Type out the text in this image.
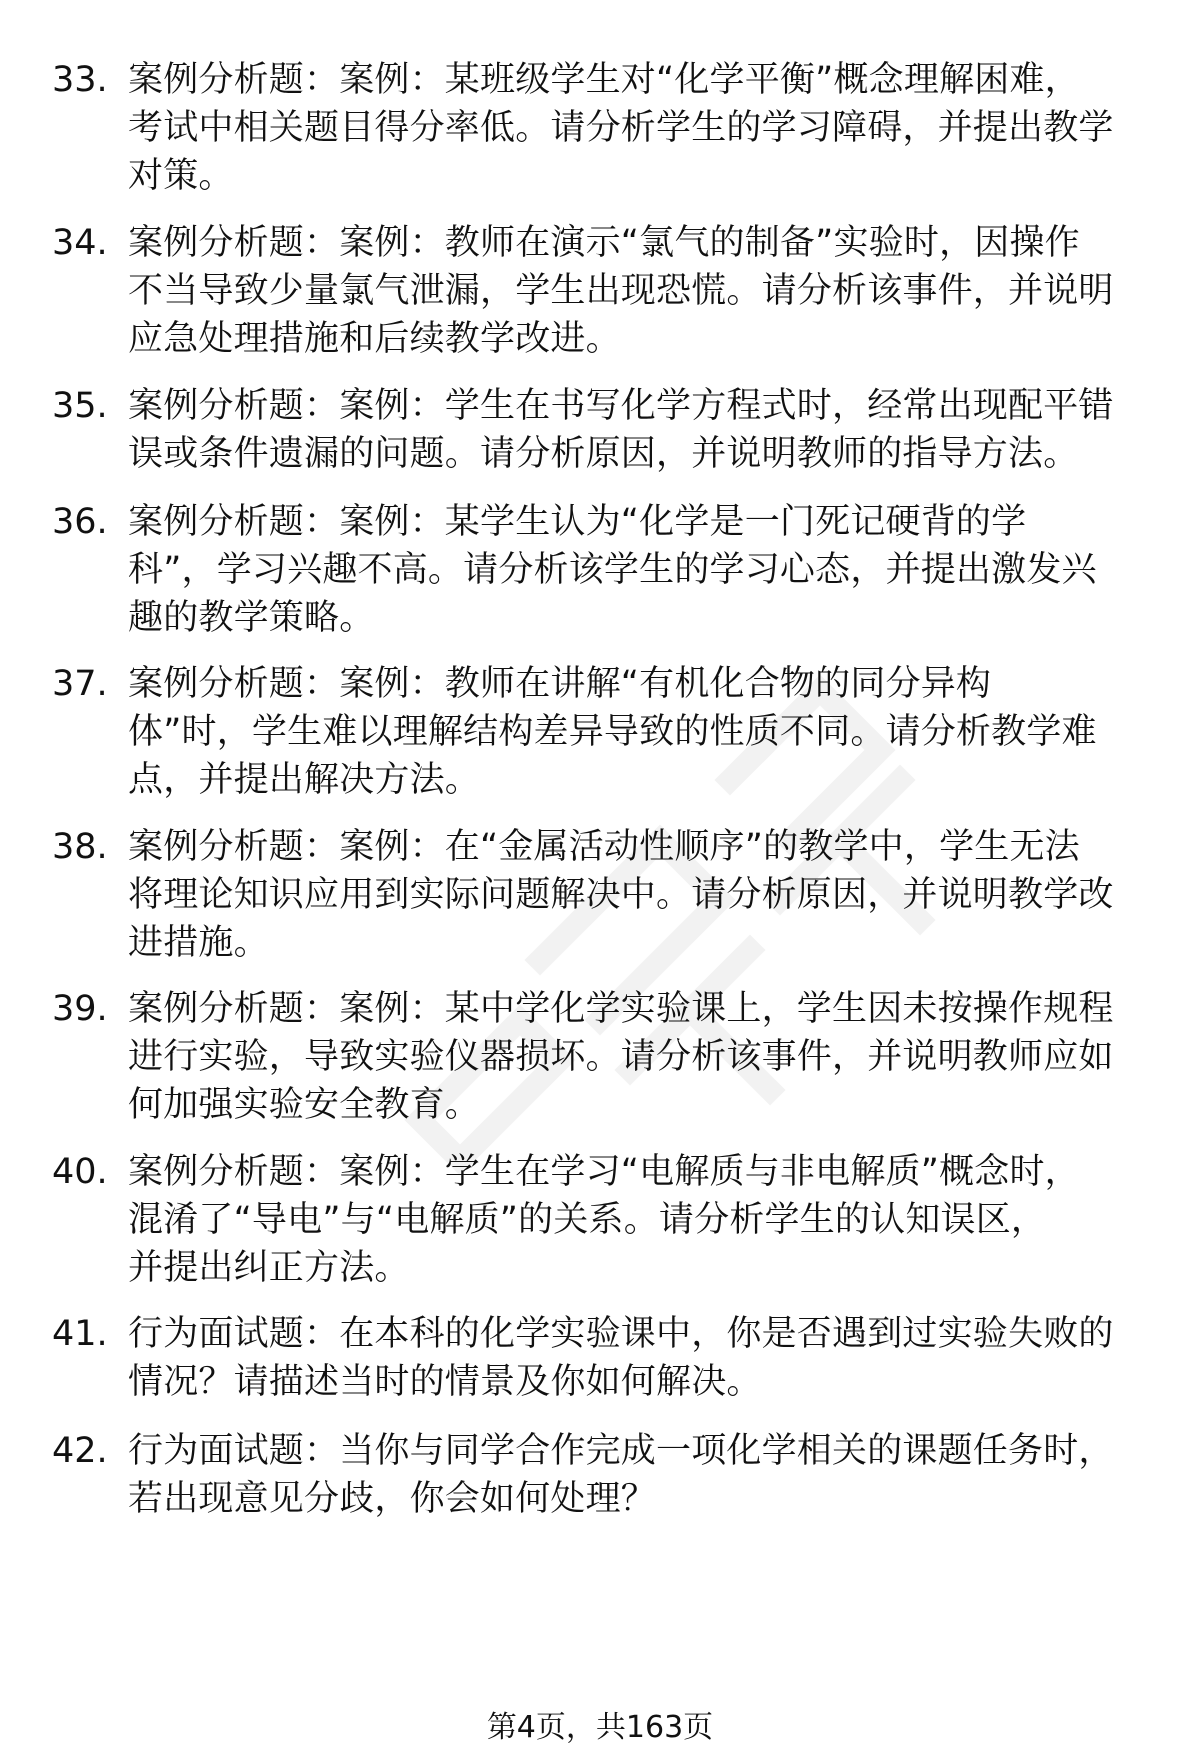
33. 案例分析题：案例：某班级学生对“化学平衡”概念理解困难，
考试中相关题目得分率低。请分析学生的学习障碍，并提出教学
对策。
34. 案例分析题：案例：教师在演示“氯气的制备”实验时，因操作
不当导致少量氯气泄漏，学生出现恐慌。请分析该事件，并说明
应急处理措施和后续教学改进。
35. 案例分析题：案例：学生在书写化学方程式时，经常出现配平错
误或条件遗漏的问题。请分析原因，并说明教师的指导方法。
36. 案例分析题：案例：某学生认为“化学是一门死记硬背的学
科”，学习兴趣不高。请分析该学生的学习心态，并提出激发兴
趣的教学策略。
37. 案例分析题：案例：教师在讲解“有机化合物的同分异构
体”时，学生难以理解结构差异导致的性质不同。请分析教学难
点，并提出解决方法。
38. 案例分析题：案例：在“金属活动性顺序”的教学中，学生无法
将理论知识应用到实际问题解决中。请分析原因，并说明教学改
进措施。
39. 案例分析题：案例：某中学化学实验课上，学生因未按操作规程
进行实验，导致实验仪器损坏。请分析该事件，并说明教师应如
何加强实验安全教育。
40. 案例分析题：案例：学生在学习“电解质与非电解质”概念时，
混淆了“导电”与“电解质”的关系。请分析学生的认知误区，
并提出纠正方法。
41. 行为面试题：在本科的化学实验课中，你是否遇到过实验失败的
情况？请描述当时的情景及你如何解决。
42. 行为面试题：当你与同学合作完成一项化学相关的课题任务时，
若出现意见分歧，你会如何处理？
第4页，共163页
